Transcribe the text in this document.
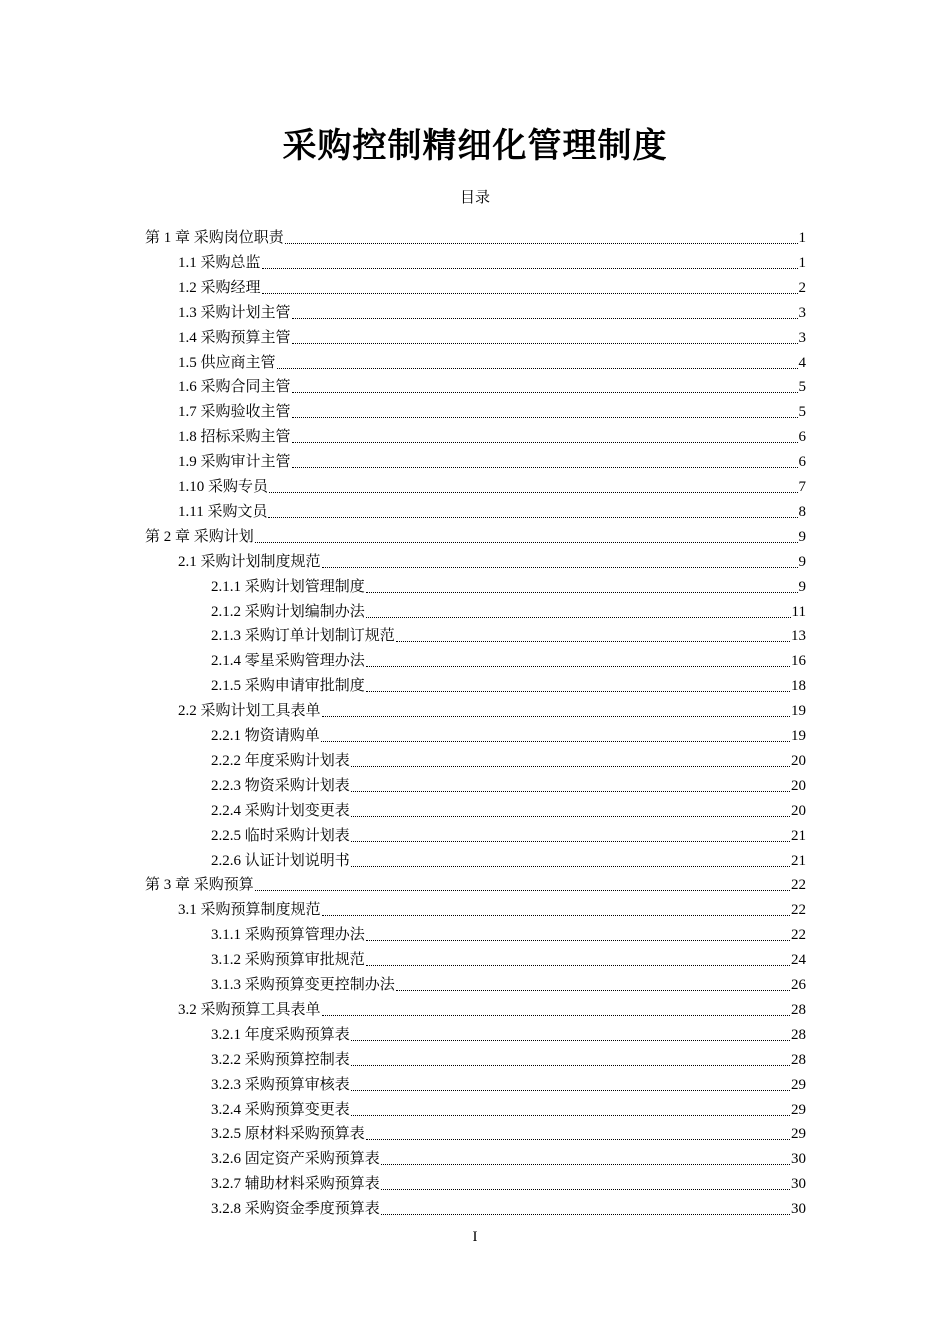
采购控制精细化管理制度
目录
第 1 章 采购岗位职责	1
1.1 采购总监	1
1.2 采购经理	2
1.3 采购计划主管	3
1.4 采购预算主管	3
1.5 供应商主管	4
1.6 采购合同主管	5
1.7 采购验收主管	5
1.8 招标采购主管	6
1.9 采购审计主管	6
1.10 采购专员	7
1.11 采购文员	8
第 2 章 采购计划	9
2.1 采购计划制度规范	9
2.1.1 采购计划管理制度	9
2.1.2 采购计划编制办法	11
2.1.3 采购订单计划制订规范	13
2.1.4 零星采购管理办法	16
2.1.5 采购申请审批制度	18
2.2 采购计划工具表单	19
2.2.1 物资请购单	19
2.2.2 年度采购计划表	20
2.2.3 物资采购计划表	20
2.2.4 采购计划变更表	20
2.2.5 临时采购计划表	21
2.2.6 认证计划说明书	21
第 3 章 采购预算	22
3.1 采购预算制度规范	22
3.1.1 采购预算管理办法	22
3.1.2 采购预算审批规范	24
3.1.3 采购预算变更控制办法	26
3.2 采购预算工具表单	28
3.2.1 年度采购预算表	28
3.2.2 采购预算控制表	28
3.2.3 采购预算审核表	29
3.2.4 采购预算变更表	29
3.2.5 原材料采购预算表	29
3.2.6 固定资产采购预算表	30
3.2.7 辅助材料采购预算表	30
3.2.8 采购资金季度预算表	30
I
